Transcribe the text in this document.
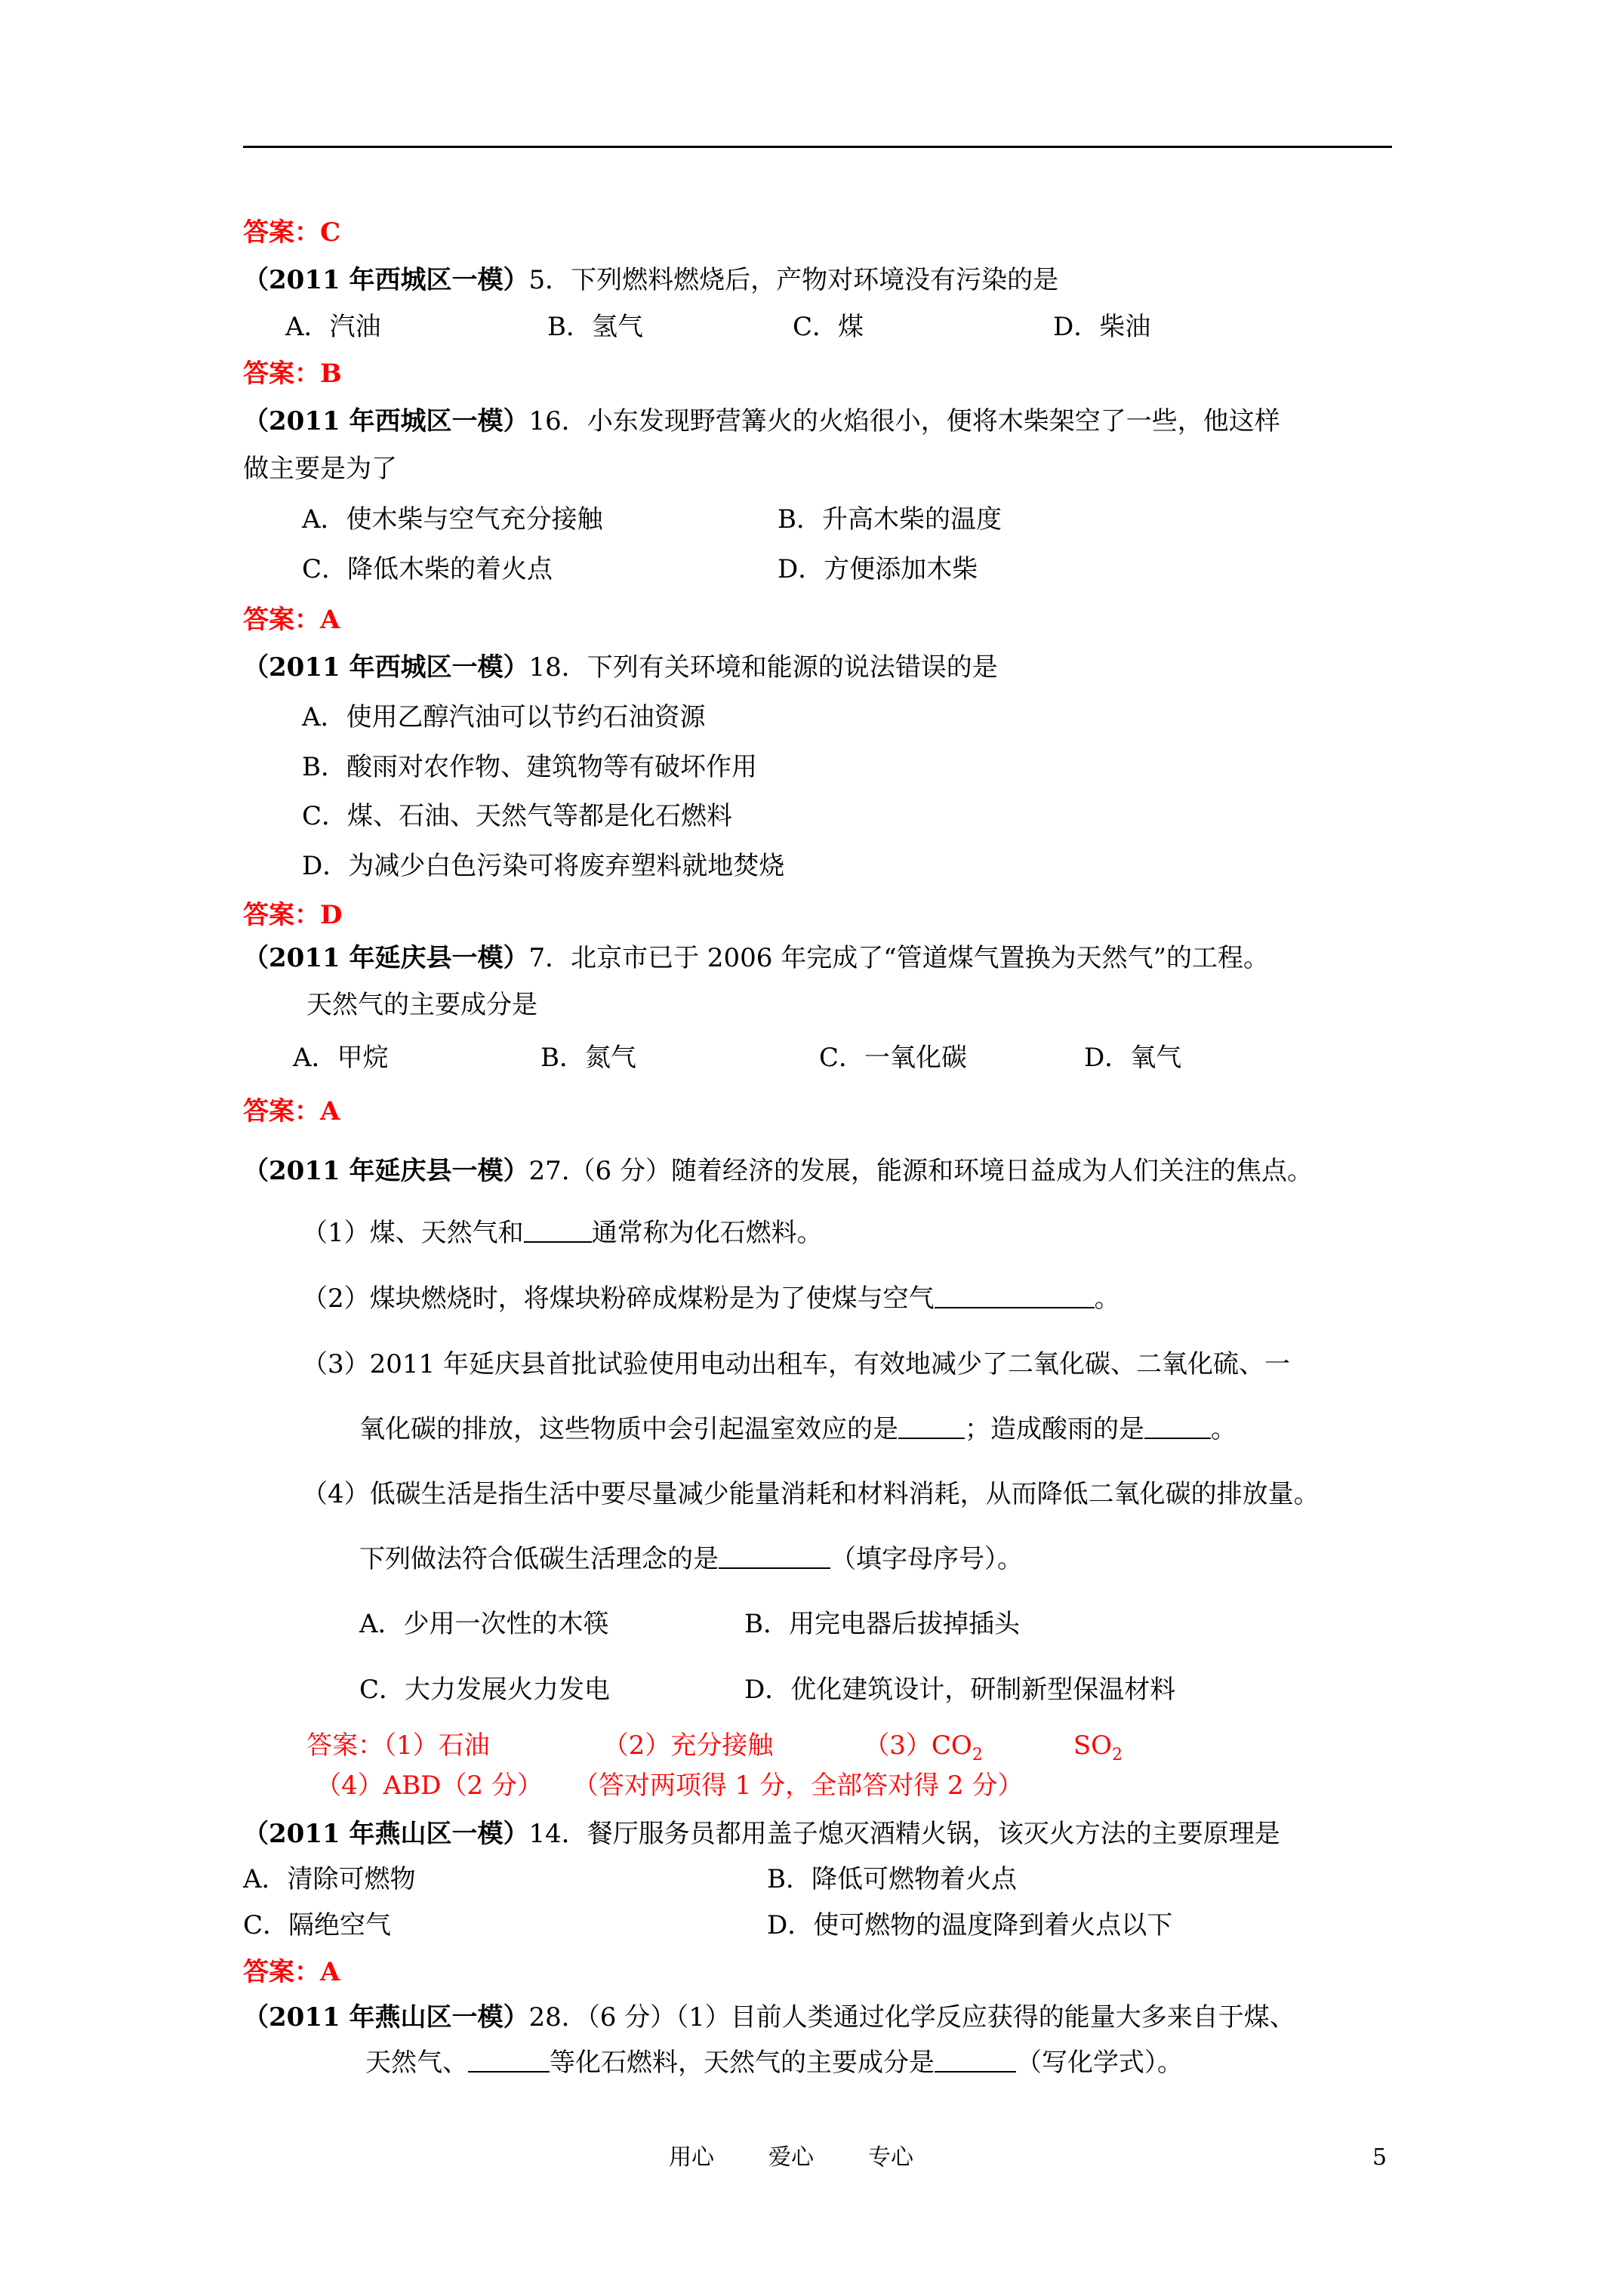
答案：C
（2011 年西城区一模）5．下列燃料燃烧后，产物对环境没有污染的是
A．汽油	B．氢气	C．煤	D．柴油
答案：B
（2011 年西城区一模）16．小东发现野营篝火的火焰很小，便将木柴架空了一些，他这样
做主要是为了
A．使木柴与空气充分接触	B．升高木柴的温度
C．降低木柴的着火点	D．方便添加木柴
答案：A
（2011 年西城区一模）18．下列有关环境和能源的说法错误的是
A．使用乙醇汽油可以节约石油资源
B．酸雨对农作物、建筑物等有破坏作用
C．煤、石油、天然气等都是化石燃料
D．为减少白色污染可将废弃塑料就地焚烧
答案：D
（2011 年延庆县一模）7．北京市已于 2006 年完成了“管道煤气置换为天然气”的工程。
天然气的主要成分是
A．甲烷	B．氮气	C．一氧化碳	D．氧气
答案：A
（2011 年延庆县一模）27.（6 分）随着经济的发展，能源和环境日益成为人们关注的焦点。
（1）煤、天然气和	通常称为化石燃料。
（2）煤块燃烧时，将煤块粉碎成煤粉是为了使煤与空气	。
（3）2011 年延庆县首批试验使用电动出租车，有效地减少了二氧化碳、二氧化硫、一
氧化碳的排放，这些物质中会引起温室效应的是	；造成酸雨的是	。
（4）低碳生活是指生活中要尽量减少能量消耗和材料消耗，从而降低二氧化碳的排放量。
下列做法符合低碳生活理念的是	（填字母序号）。
A．少用一次性的木筷	B．用完电器后拔掉插头
C．大力发展火力发电	D．优化建筑设计，研制新型保温材料
答案：（1）石油	（2）充分接触	$(3)CO_2$	$SO_2$
（4）ABD（2 分） （答对两项得 1 分，全部答对得 2 分）
（2011 年燕山区一模）14．餐厅服务员都用盖子熄灭酒精火锅，该灭火方法的主要原理是
A．清除可燃物	B．降低可燃物着火点
C．隔绝空气	D．使可燃物的温度降到着火点以下
答案：A
（2011 年燕山区一模）28．（6 分）（1）目前人类通过化学反应获得的能量大多来自于煤、
天然气、	等化石燃料，天然气的主要成分是	（写化学式）。
用心 爱心 专心	5
